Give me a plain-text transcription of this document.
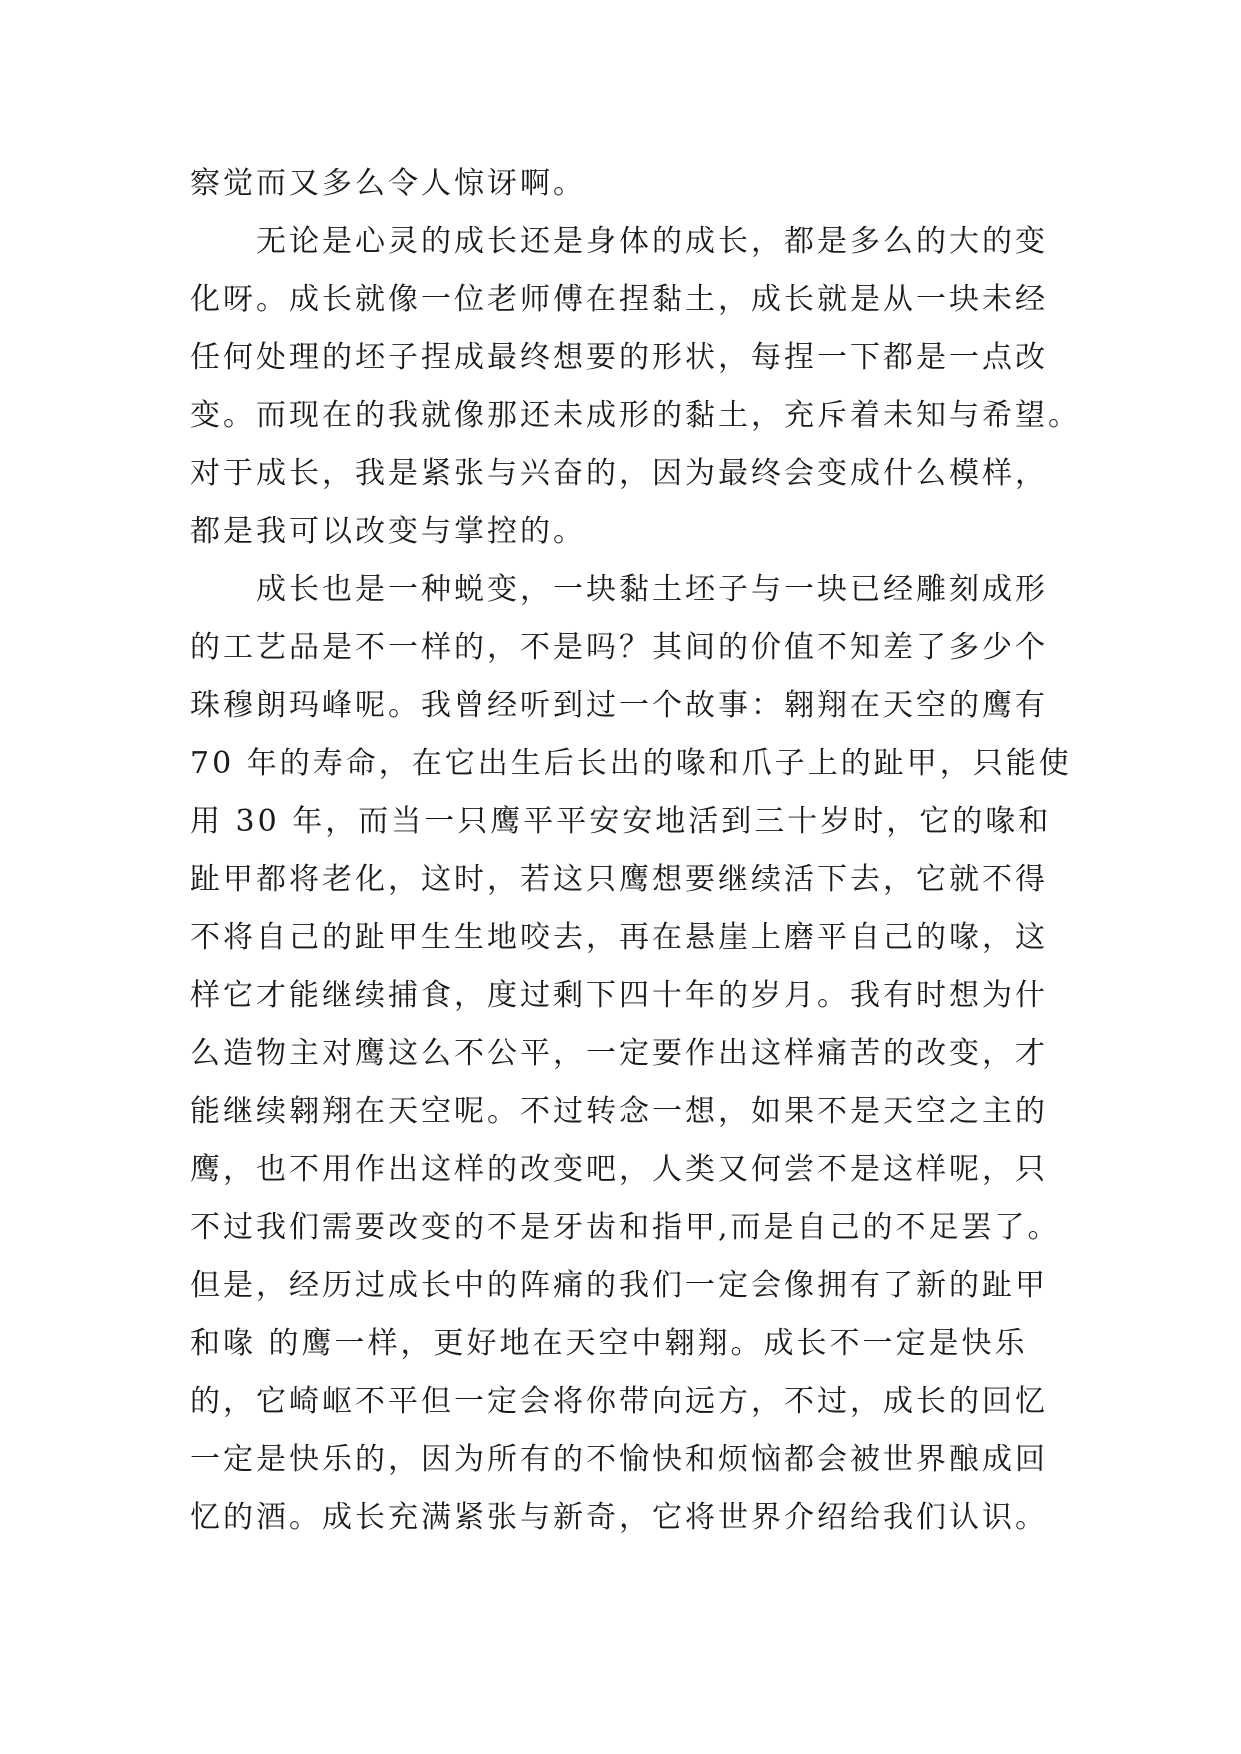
察觉而又多么令人惊讶啊。
无论是心灵的成长还是身体的成长，都是多么的大的变
化呀。成长就像一位老师傅在捏黏土，成长就是从一块未经
任何处理的坯子捏成最终想要的形状，每捏一下都是一点改
变。而现在的我就像那还未成形的黏土，充斥着未知与希望。
对于成长，我是紧张与兴奋的，因为最终会变成什么模样，
都是我可以改变与掌控的。
成长也是一种蜕变，一块黏土坯子与一块已经雕刻成形
的工艺品是不一样的，不是吗？其间的价值不知差了多少个
珠穆朗玛峰呢。我曾经听到过一个故事：翱翔在天空的鹰有
70 年的寿命，在它出生后长出的喙和爪子上的趾甲，只能使
用 30 年，而当一只鹰平平安安地活到三十岁时，它的喙和
趾甲都将老化，这时，若这只鹰想要继续活下去，它就不得
不将自己的趾甲生生地咬去，再在悬崖上磨平自己的喙，这
样它才能继续捕食，度过剩下四十年的岁月。我有时想为什
么造物主对鹰这么不公平，一定要作出这样痛苦的改变，才
能继续翱翔在天空呢。不过转念一想，如果不是天空之主的
鹰，也不用作出这样的改变吧，人类又何尝不是这样呢，只
不过我们需要改变的不是牙齿和指甲,而是自己的不足罢了。
但是，经历过成长中的阵痛的我们一定会像拥有了新的趾甲
和喙 的鹰一样，更好地在天空中翱翔。成长不一定是快乐
的，它崎岖不平但一定会将你带向远方，不过，成长的回忆
一定是快乐的，因为所有的不愉快和烦恼都会被世界酿成回
忆的酒。成长充满紧张与新奇，它将世界介绍给我们认识。
